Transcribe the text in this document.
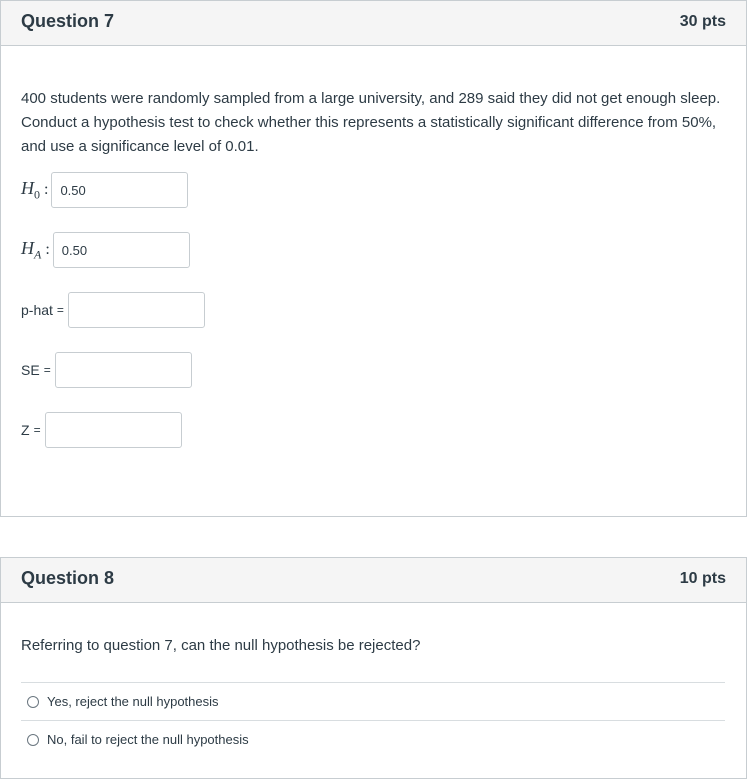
Question 7	30 pts
400 students were randomly sampled from a large university, and 289 said they did not get enough sleep. Conduct a hypothesis test to check whether this represents a statistically significant difference from 50%, and use a significance level of 0.01.
$H_0$ :
0.50
$H_A$ :
0.50
p-hat =
SE =
Z =
Question 8	10 pts
Referring to question 7, can the null hypothesis be rejected?
Yes, reject the null hypothesis
No, fail to reject the null hypothesis
